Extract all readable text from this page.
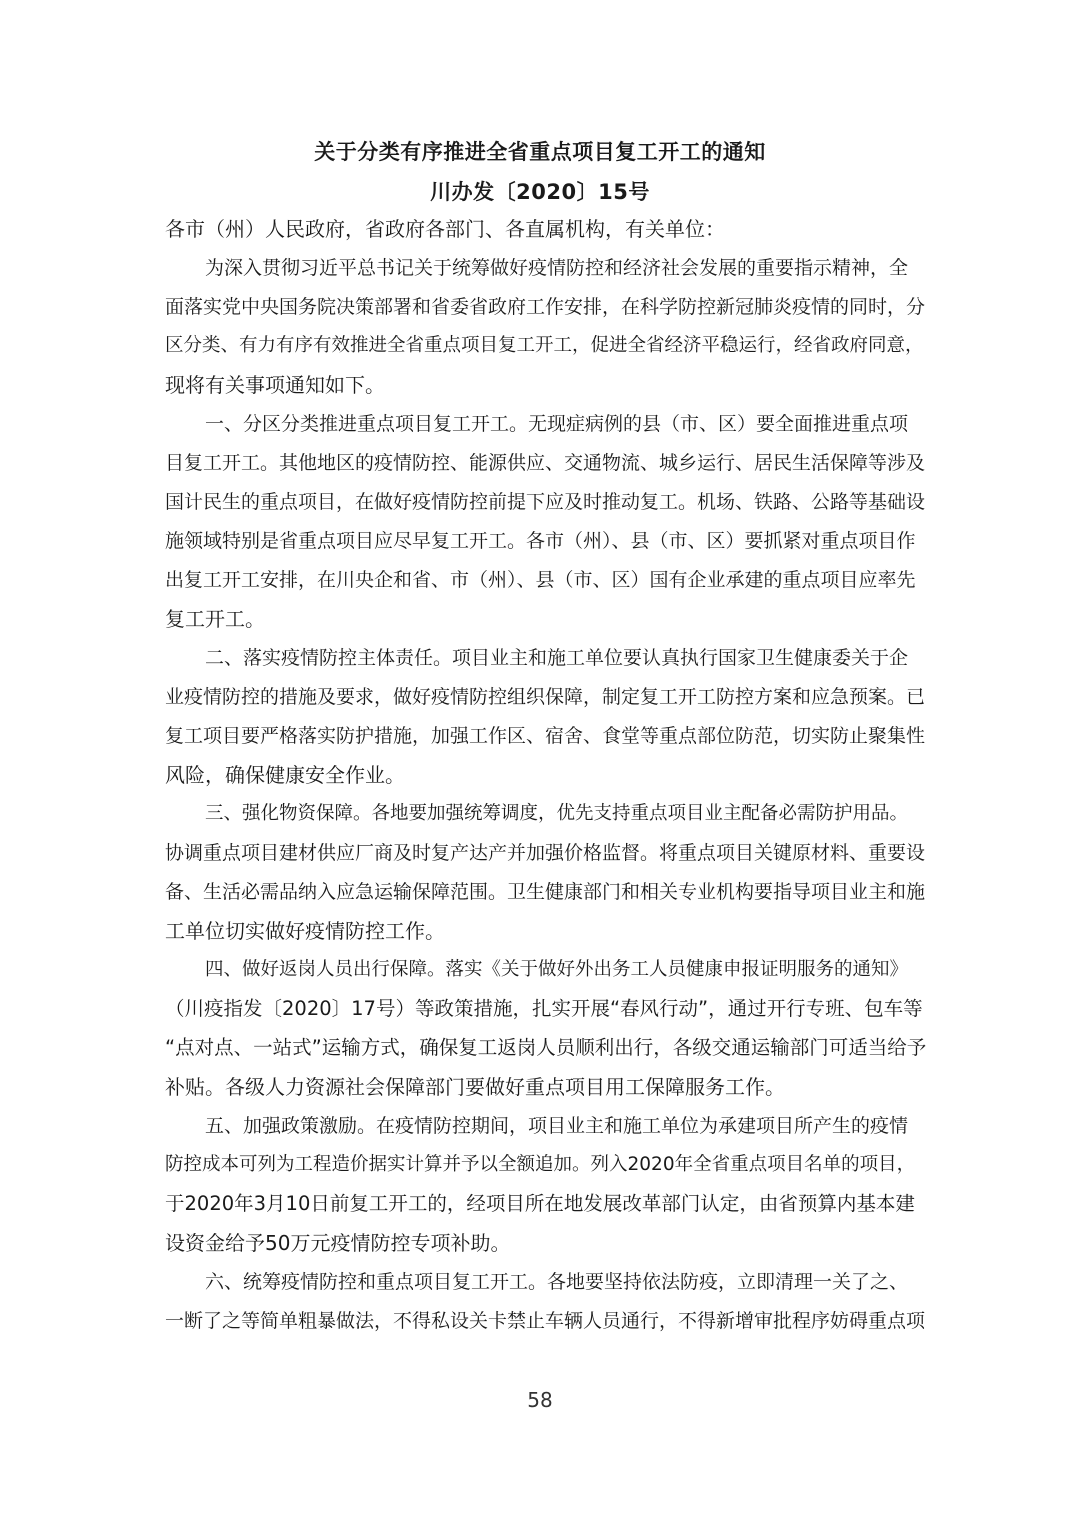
关于分类有序推进全省重点项目复工开工的通知
川办发〔2020〕15号
各市（州）人民政府，省政府各部门、各直属机构，有关单位：
为深入贯彻习近平总书记关于统筹做好疫情防控和经济社会发展的重要指示精神，全
面落实党中央国务院决策部署和省委省政府工作安排，在科学防控新冠肺炎疫情的同时，分
区分类、有力有序有效推进全省重点项目复工开工，促进全省经济平稳运行，经省政府同意，
现将有关事项通知如下。
一、分区分类推进重点项目复工开工。无现症病例的县（市、区）要全面推进重点项
目复工开工。其他地区的疫情防控、能源供应、交通物流、城乡运行、居民生活保障等涉及
国计民生的重点项目，在做好疫情防控前提下应及时推动复工。机场、铁路、公路等基础设
施领域特别是省重点项目应尽早复工开工。各市（州）、县（市、区）要抓紧对重点项目作
出复工开工安排，在川央企和省、市（州）、县（市、区）国有企业承建的重点项目应率先
复工开工。
二、落实疫情防控主体责任。项目业主和施工单位要认真执行国家卫生健康委关于企
业疫情防控的措施及要求，做好疫情防控组织保障，制定复工开工防控方案和应急预案。已
复工项目要严格落实防护措施，加强工作区、宿舍、食堂等重点部位防范，切实防止聚集性
风险，确保健康安全作业。
三、强化物资保障。各地要加强统筹调度，优先支持重点项目业主配备必需防护用品。
协调重点项目建材供应厂商及时复产达产并加强价格监督。将重点项目关键原材料、重要设
备、生活必需品纳入应急运输保障范围。卫生健康部门和相关专业机构要指导项目业主和施
工单位切实做好疫情防控工作。
四、做好返岗人员出行保障。落实《关于做好外出务工人员健康申报证明服务的通知》
（川疫指发〔2020〕17号）等政策措施，扎实开展“春风行动”，通过开行专班、包车等
“点对点、一站式”运输方式，确保复工返岗人员顺利出行，各级交通运输部门可适当给予
补贴。各级人力资源社会保障部门要做好重点项目用工保障服务工作。
五、加强政策激励。在疫情防控期间，项目业主和施工单位为承建项目所产生的疫情
防控成本可列为工程造价据实计算并予以全额追加。列入2020年全省重点项目名单的项目，
于2020年3月10日前复工开工的，经项目所在地发展改革部门认定，由省预算内基本建
设资金给予50万元疫情防控专项补助。
六、统筹疫情防控和重点项目复工开工。各地要坚持依法防疫，立即清理一关了之、
一断了之等简单粗暴做法，不得私设关卡禁止车辆人员通行，不得新增审批程序妨碍重点项
58
